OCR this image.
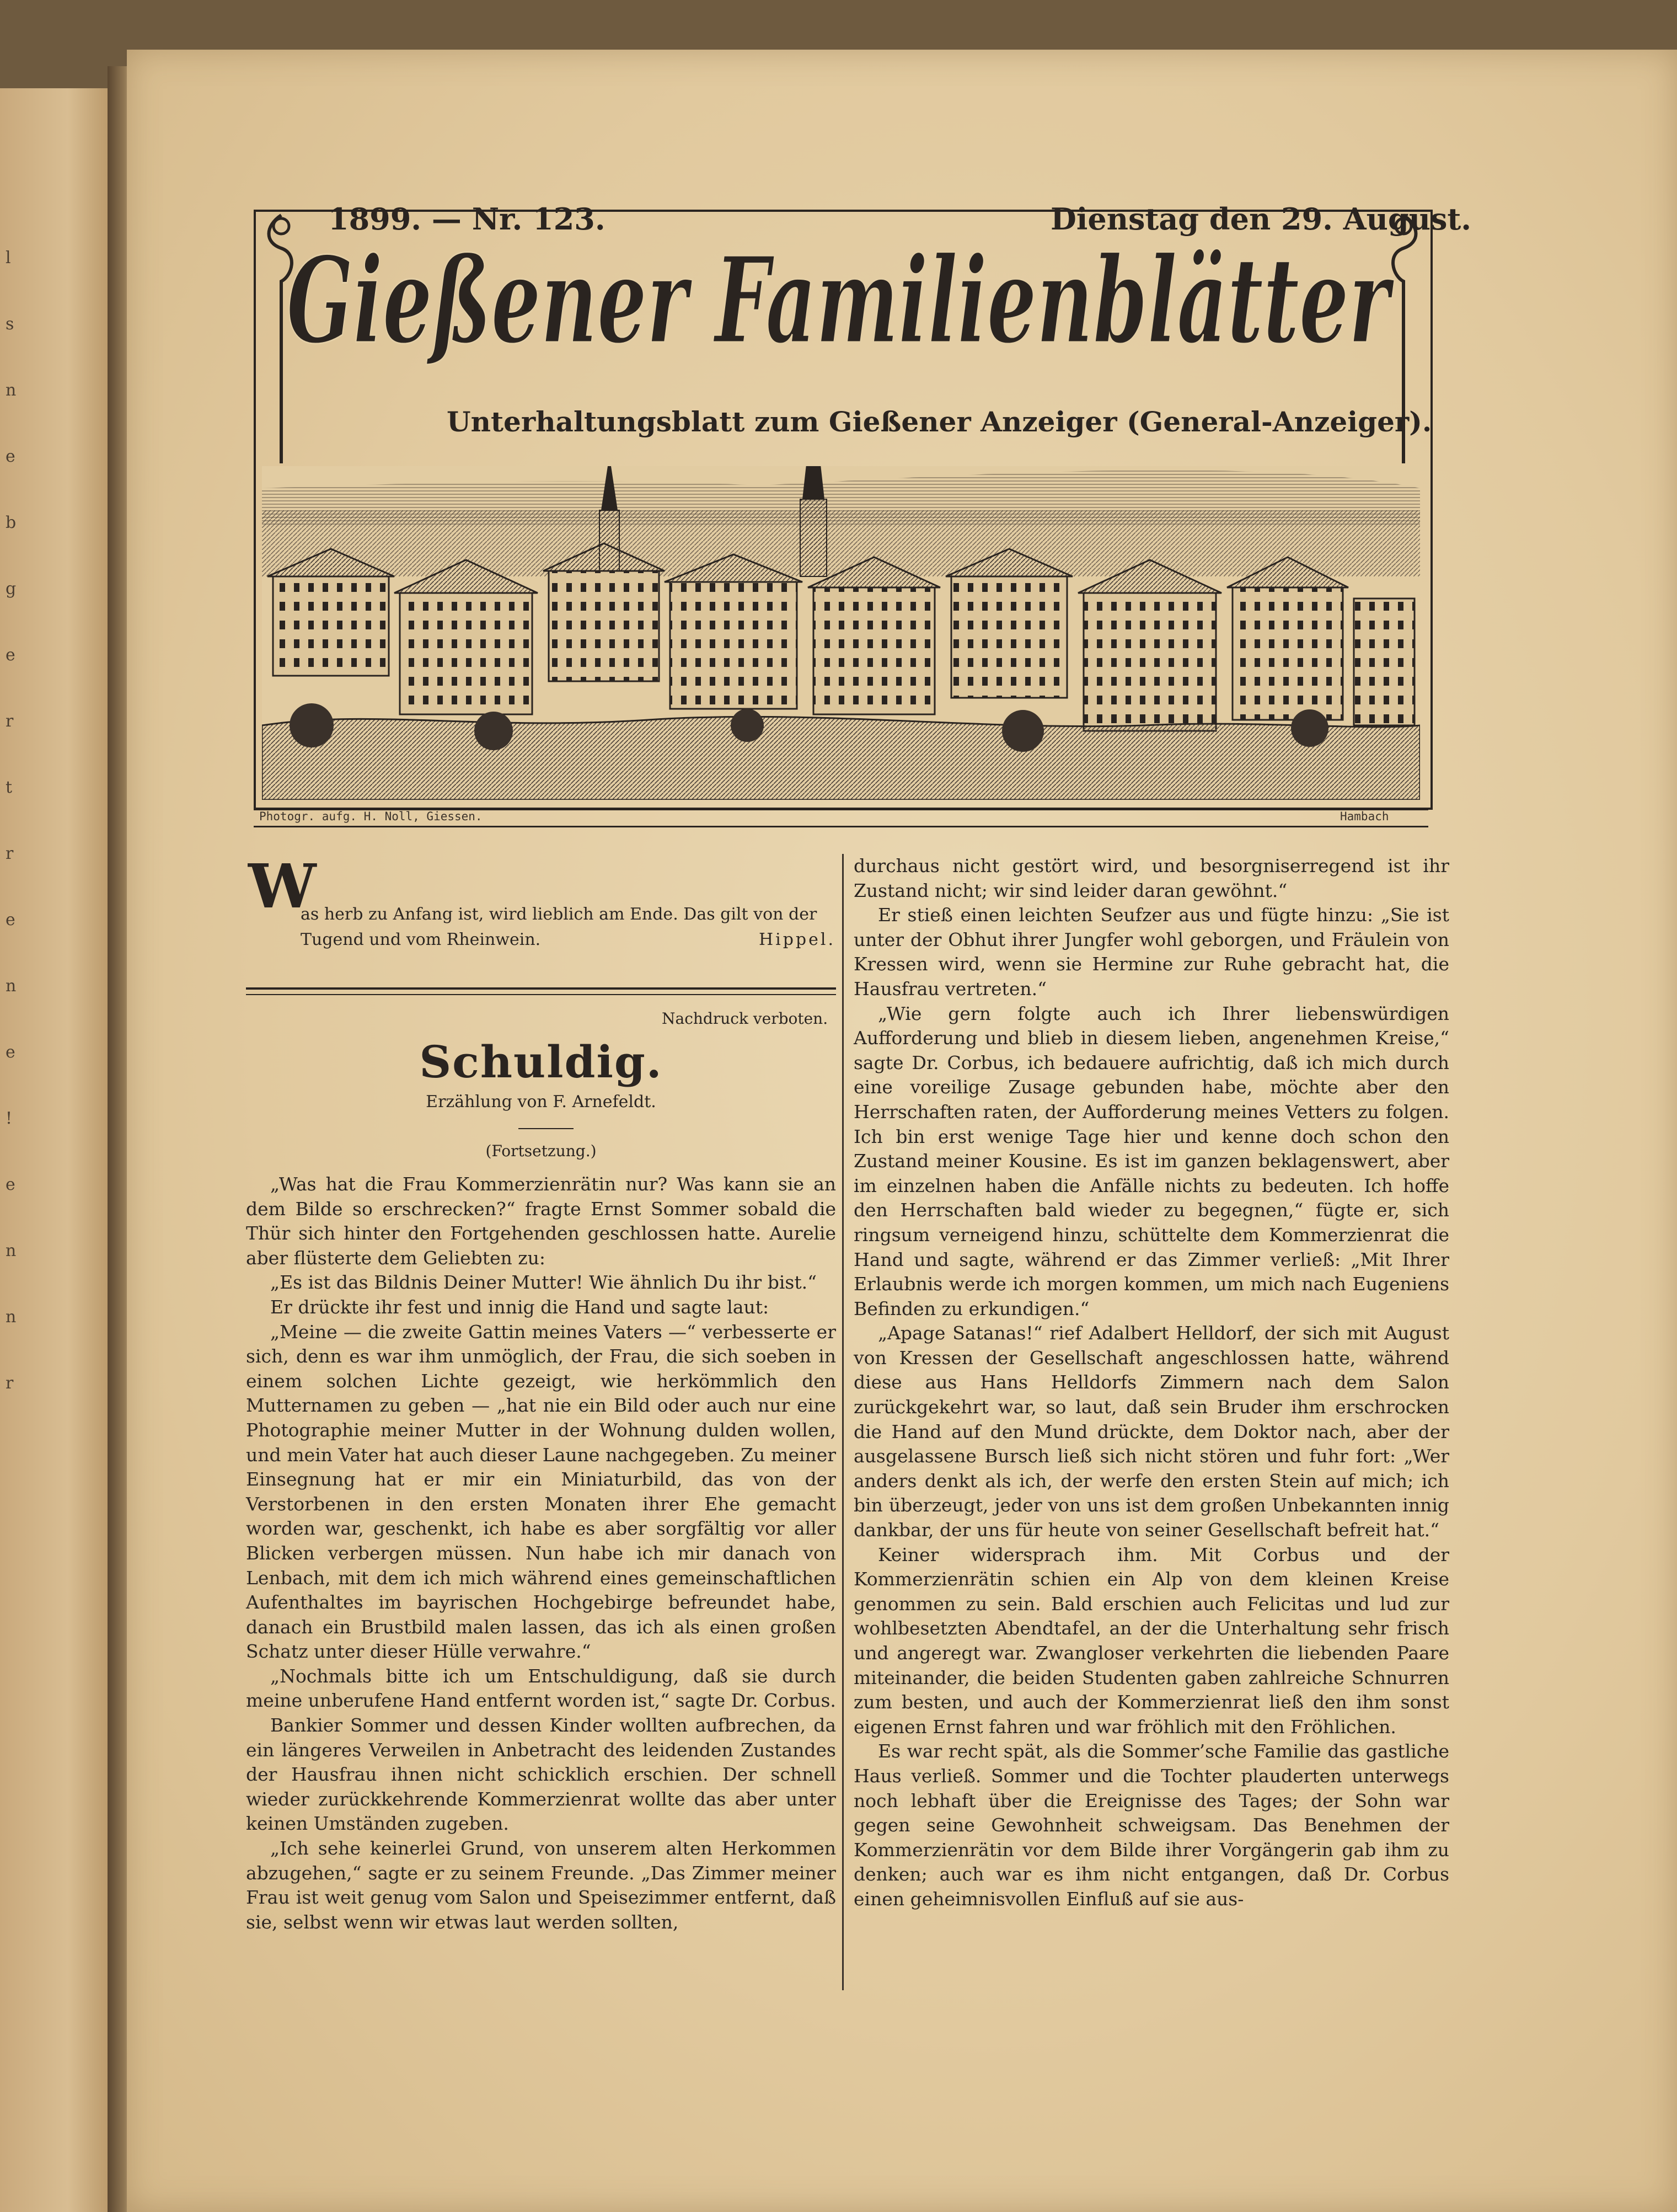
l
s
n
e
b
g
e
r
t
r
e
n
e
!
e
n
n
r
1899. — Nr. 123.	Dienstag den 29. August.
Gießener Familienblätter
Unterhaltungsblatt zum Gießener Anzeiger (General-Anzeiger).
Photogr. aufg. H. Noll, Giessen.	Hambach
W
as herb zu Anfang ist, wird lieblich am Ende. Das gilt von der Tugend und vom Rheinwein.	Hippel.
Nachdruck verboten.
Schuldig.
Erzählung von F. Arnefeldt.
(Fortsetzung.)

„Was hat die Frau Kommerzienrätin nur? Was kann sie an dem Bilde so erschrecken?“ fragte Ernst Sommer sobald die Thür sich hinter den Fortgehenden geschlossen hatte. Aurelie aber flüsterte dem Geliebten zu:

„Es ist das Bildnis Deiner Mutter! Wie ähnlich Du ihr bist.“

Er drückte ihr fest und innig die Hand und sagte laut:

„Meine — die zweite Gattin meines Vaters —“ verbesserte er sich, denn es war ihm unmöglich, der Frau, die sich soeben in einem solchen Lichte gezeigt, wie herkömmlich den Mutternamen zu geben — „hat nie ein Bild oder auch nur eine Photographie meiner Mutter in der Wohnung dulden wollen, und mein Vater hat auch dieser Laune nachgegeben. Zu meiner Einsegnung hat er mir ein Miniaturbild, das von der Verstorbenen in den ersten Monaten ihrer Ehe gemacht worden war, geschenkt, ich habe es aber sorgfältig vor aller Blicken verbergen müssen. Nun habe ich mir danach von Lenbach, mit dem ich mich während eines gemeinschaftlichen Aufenthaltes im bayrischen Hochgebirge befreundet habe, danach ein Brustbild malen lassen, das ich als einen großen Schatz unter dieser Hülle verwahre.“

„Nochmals bitte ich um Entschuldigung, daß sie durch meine unberufene Hand entfernt worden ist,“ sagte Dr. Corbus.

Bankier Sommer und dessen Kinder wollten aufbrechen, da ein längeres Verweilen in Anbetracht des leidenden Zustandes der Hausfrau ihnen nicht schicklich erschien. Der schnell wieder zurückkehrende Kommerzienrat wollte das aber unter keinen Umständen zugeben.

„Ich sehe keinerlei Grund, von unserem alten Herkommen abzugehen,“ sagte er zu seinem Freunde. „Das Zimmer meiner Frau ist weit genug vom Salon und Speisezimmer entfernt, daß sie, selbst wenn wir etwas laut werden sollten,

durchaus nicht gestört wird, und besorgniserregend ist ihr Zustand nicht; wir sind leider daran gewöhnt.“

Er stieß einen leichten Seufzer aus und fügte hinzu: „Sie ist unter der Obhut ihrer Jungfer wohl geborgen, und Fräulein von Kressen wird, wenn sie Hermine zur Ruhe gebracht hat, die Hausfrau vertreten.“

„Wie gern folgte auch ich Ihrer liebenswürdigen Aufforderung und blieb in diesem lieben, angenehmen Kreise,“ sagte Dr. Corbus, ich bedauere aufrichtig, daß ich mich durch eine voreilige Zusage gebunden habe, möchte aber den Herrschaften raten, der Aufforderung meines Vetters zu folgen. Ich bin erst wenige Tage hier und kenne doch schon den Zustand meiner Kousine. Es ist im ganzen beklagenswert, aber im einzelnen haben die Anfälle nichts zu bedeuten. Ich hoffe den Herrschaften bald wieder zu begegnen,“ fügte er, sich ringsum verneigend hinzu, schüttelte dem Kommerzienrat die Hand und sagte, während er das Zimmer verließ: „Mit Ihrer Erlaubnis werde ich morgen kommen, um mich nach Eugeniens Befinden zu erkundigen.“

„Apage Satanas!“ rief Adalbert Helldorf, der sich mit August von Kressen der Gesellschaft angeschlossen hatte, während diese aus Hans Helldorfs Zimmern nach dem Salon zurückgekehrt war, so laut, daß sein Bruder ihm erschrocken die Hand auf den Mund drückte, dem Doktor nach, aber der ausgelassene Bursch ließ sich nicht stören und fuhr fort: „Wer anders denkt als ich, der werfe den ersten Stein auf mich; ich bin überzeugt, jeder von uns ist dem großen Unbekannten innig dankbar, der uns für heute von seiner Gesellschaft befreit hat.“

Keiner widersprach ihm. Mit Corbus und der Kommerzienrätin schien ein Alp von dem kleinen Kreise genommen zu sein. Bald erschien auch Felicitas und lud zur wohlbesetzten Abendtafel, an der die Unterhaltung sehr frisch und angeregt war. Zwangloser verkehrten die liebenden Paare miteinander, die beiden Studenten gaben zahlreiche Schnurren zum besten, und auch der Kommerzienrat ließ den ihm sonst eigenen Ernst fahren und war fröhlich mit den Fröhlichen.

Es war recht spät, als die Sommer’sche Familie das gastliche Haus verließ. Sommer und die Tochter plauderten unterwegs noch lebhaft über die Ereignisse des Tages; der Sohn war gegen seine Gewohnheit schweigsam. Das Benehmen der Kommerzienrätin vor dem Bilde ihrer Vorgängerin gab ihm zu denken; auch war es ihm nicht entgangen, daß Dr. Corbus einen geheimnisvollen Einfluß auf sie aus-
